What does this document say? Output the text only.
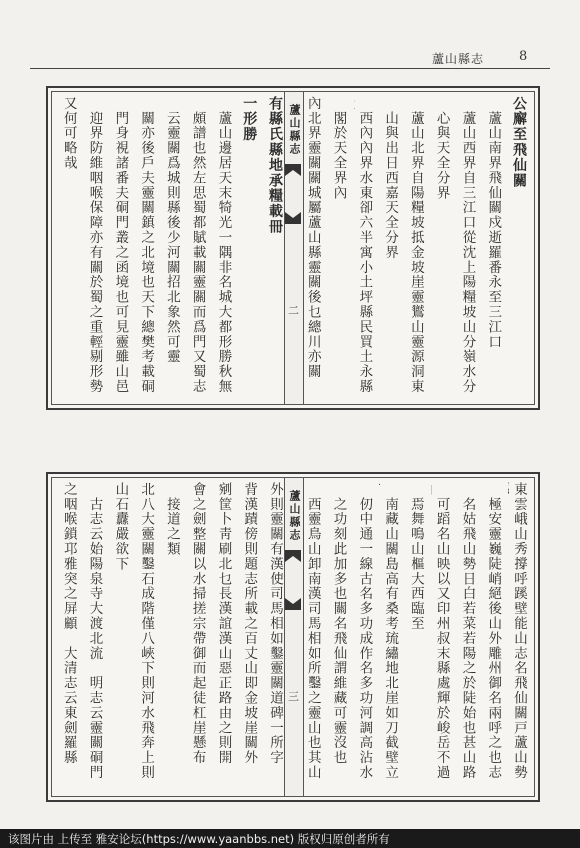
蘆山縣志	8
公廨至飛仙關
　蘆山南界飛仙關戍逝羅番永至三江口
　蘆山西界自三江口從沈上陽糧坡山分嶺水分
　心與天全分界
　蘆山北界自陽糧坡抵金坡崖靈鸑山靈源洞東
　山與出日西嘉天全分界
　西內內界水東卻六半寓小土坪縣民買土永縣
　閣於天全界內
內北界靈關關城屬蘆山縣靈關後乜總川亦關
蘆山縣志
二
有縣氏縣地承糧載冊
一形勝
　蘆山邊居天末犄光一隅非名城大都形勝秋無
　頗譜也然左思蜀都賦載關靈關而爲門又蜀志
　云靈關爲城則縣後少河關招北象然可靈
　關亦後戶夫靈關鎮之北境也天下總樊考載硐
　門身視諸番夫硐門叢之函境也可見靈雖山邑
　迎界防維咽喉保障亦有關於蜀之重輕剔形勢
又何可略哉
東雲峨山秀撐呼蹊壁能山志名飛仙關戸蘆山勢
　極安靈巍陡峭絕後山外雕州御名兩呼之也志
　名姑飛山勢日白若菜若陽之於陡始也甚山路
　可蹈名山映以又印州叔末縣處輝於峻岳不過
　焉舞鳴山樞大西臨至
　南藏山關島高有桑考琉繡地北崖如刀截壁立
　仞中通一線古名多功成作名多功河調高沾水
　之功刻此加多也關名飛仙謂維藏可靈沒也
　西靈鳥山卸南漢司馬相如所鑿之靈山也其山
蘆山縣志
三
外則靈關有漢使司馬相如鑿靈關道碑一所字
背漢蹟傍則題志所載之百丈山即金坡崖關外
剜筐卜靑刷北乜長漢誼漢山惡正路由之則開
會之劍整關以水掃搓宗帶御而起徒杠崖懸布
　接道之類
北八大靈關鑿石成階僅八峽下則河水飛奔上則
山石纛嚴欲下
　古志云始陽泉寺大渡北流　明志云靈關硐門
之咽喉鎖邛雅突之屏顧　大清志云東劍羅縣
该图片由 上传至 雅安论坛(https://www.yaanbbs.net) 版权归原创者所有
